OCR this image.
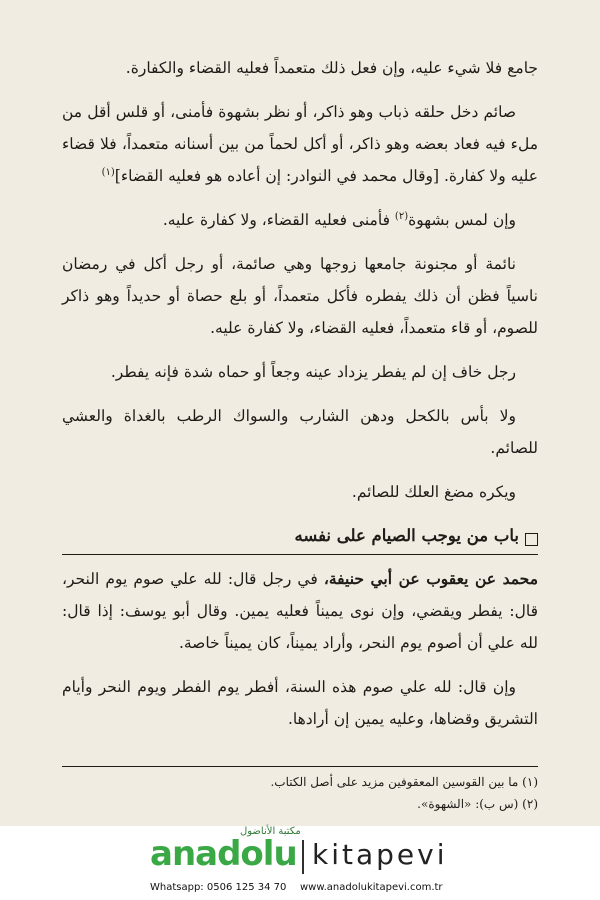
جامع فلا شيء عليه، وإن فعل ذلك متعمداً فعليه القضاء والكفارة.

صائم دخل حلقه ذباب وهو ذاكر، أو نظر بشهوة فأمنى، أو قلس أقل من ملء فيه فعاد بعضه وهو ذاكر، أو أكل لحماً من بين أسنانه متعمداً، فلا قضاء عليه ولا كفارة. [وقال محمد في النوادر: إن أعاده هو فعليه القضاء]$^{(١)}$

وإن لمس بشهوة$^{(٢)}$ فأمنى فعليه القضاء، ولا كفارة عليه.

نائمة أو مجنونة جامعها زوجها وهي صائمة، أو رجل أكل في رمضان ناسياً فظن أن ذلك يفطره فأكل متعمداً، أو بلع حصاة أو حديداً وهو ذاكر للصوم، أو قاء متعمداً، فعليه القضاء، ولا كفارة عليه.

رجل خاف إن لم يفطر يزداد عينه وجعاً أو حماه شدة فإنه يفطر.

ولا بأس بالكحل ودهن الشارب والسواك الرطب بالغداة والعشي للصائم.

ويكره مضغ العلك للصائم.

باب من يوجب الصيام على نفسه

محمد عن يعقوب عن أبي حنيفة، في رجل قال: لله علي صوم يوم النحر، قال: يفطر ويقضي، وإن نوى يميناً فعليه يمين. وقال أبو يوسف: إذا قال: لله علي أن أصوم يوم النحر، وأراد يميناً، كان يميناً خاصة.

وإن قال: لله علي صوم هذه السنة، أفطر يوم الفطر ويوم النحر وأيام التشريق وقضاها، وعليه يمين إن أرادها.

(١) ما بين القوسين المعقوفين مزيد على أصل الكتاب.
(٢) (س ب): «الشهوة».
مكتبة الأناضول
anadolu kitapevi
Whatsapp: 0506 125 34 70 www.anadolukitapevi.com.tr
